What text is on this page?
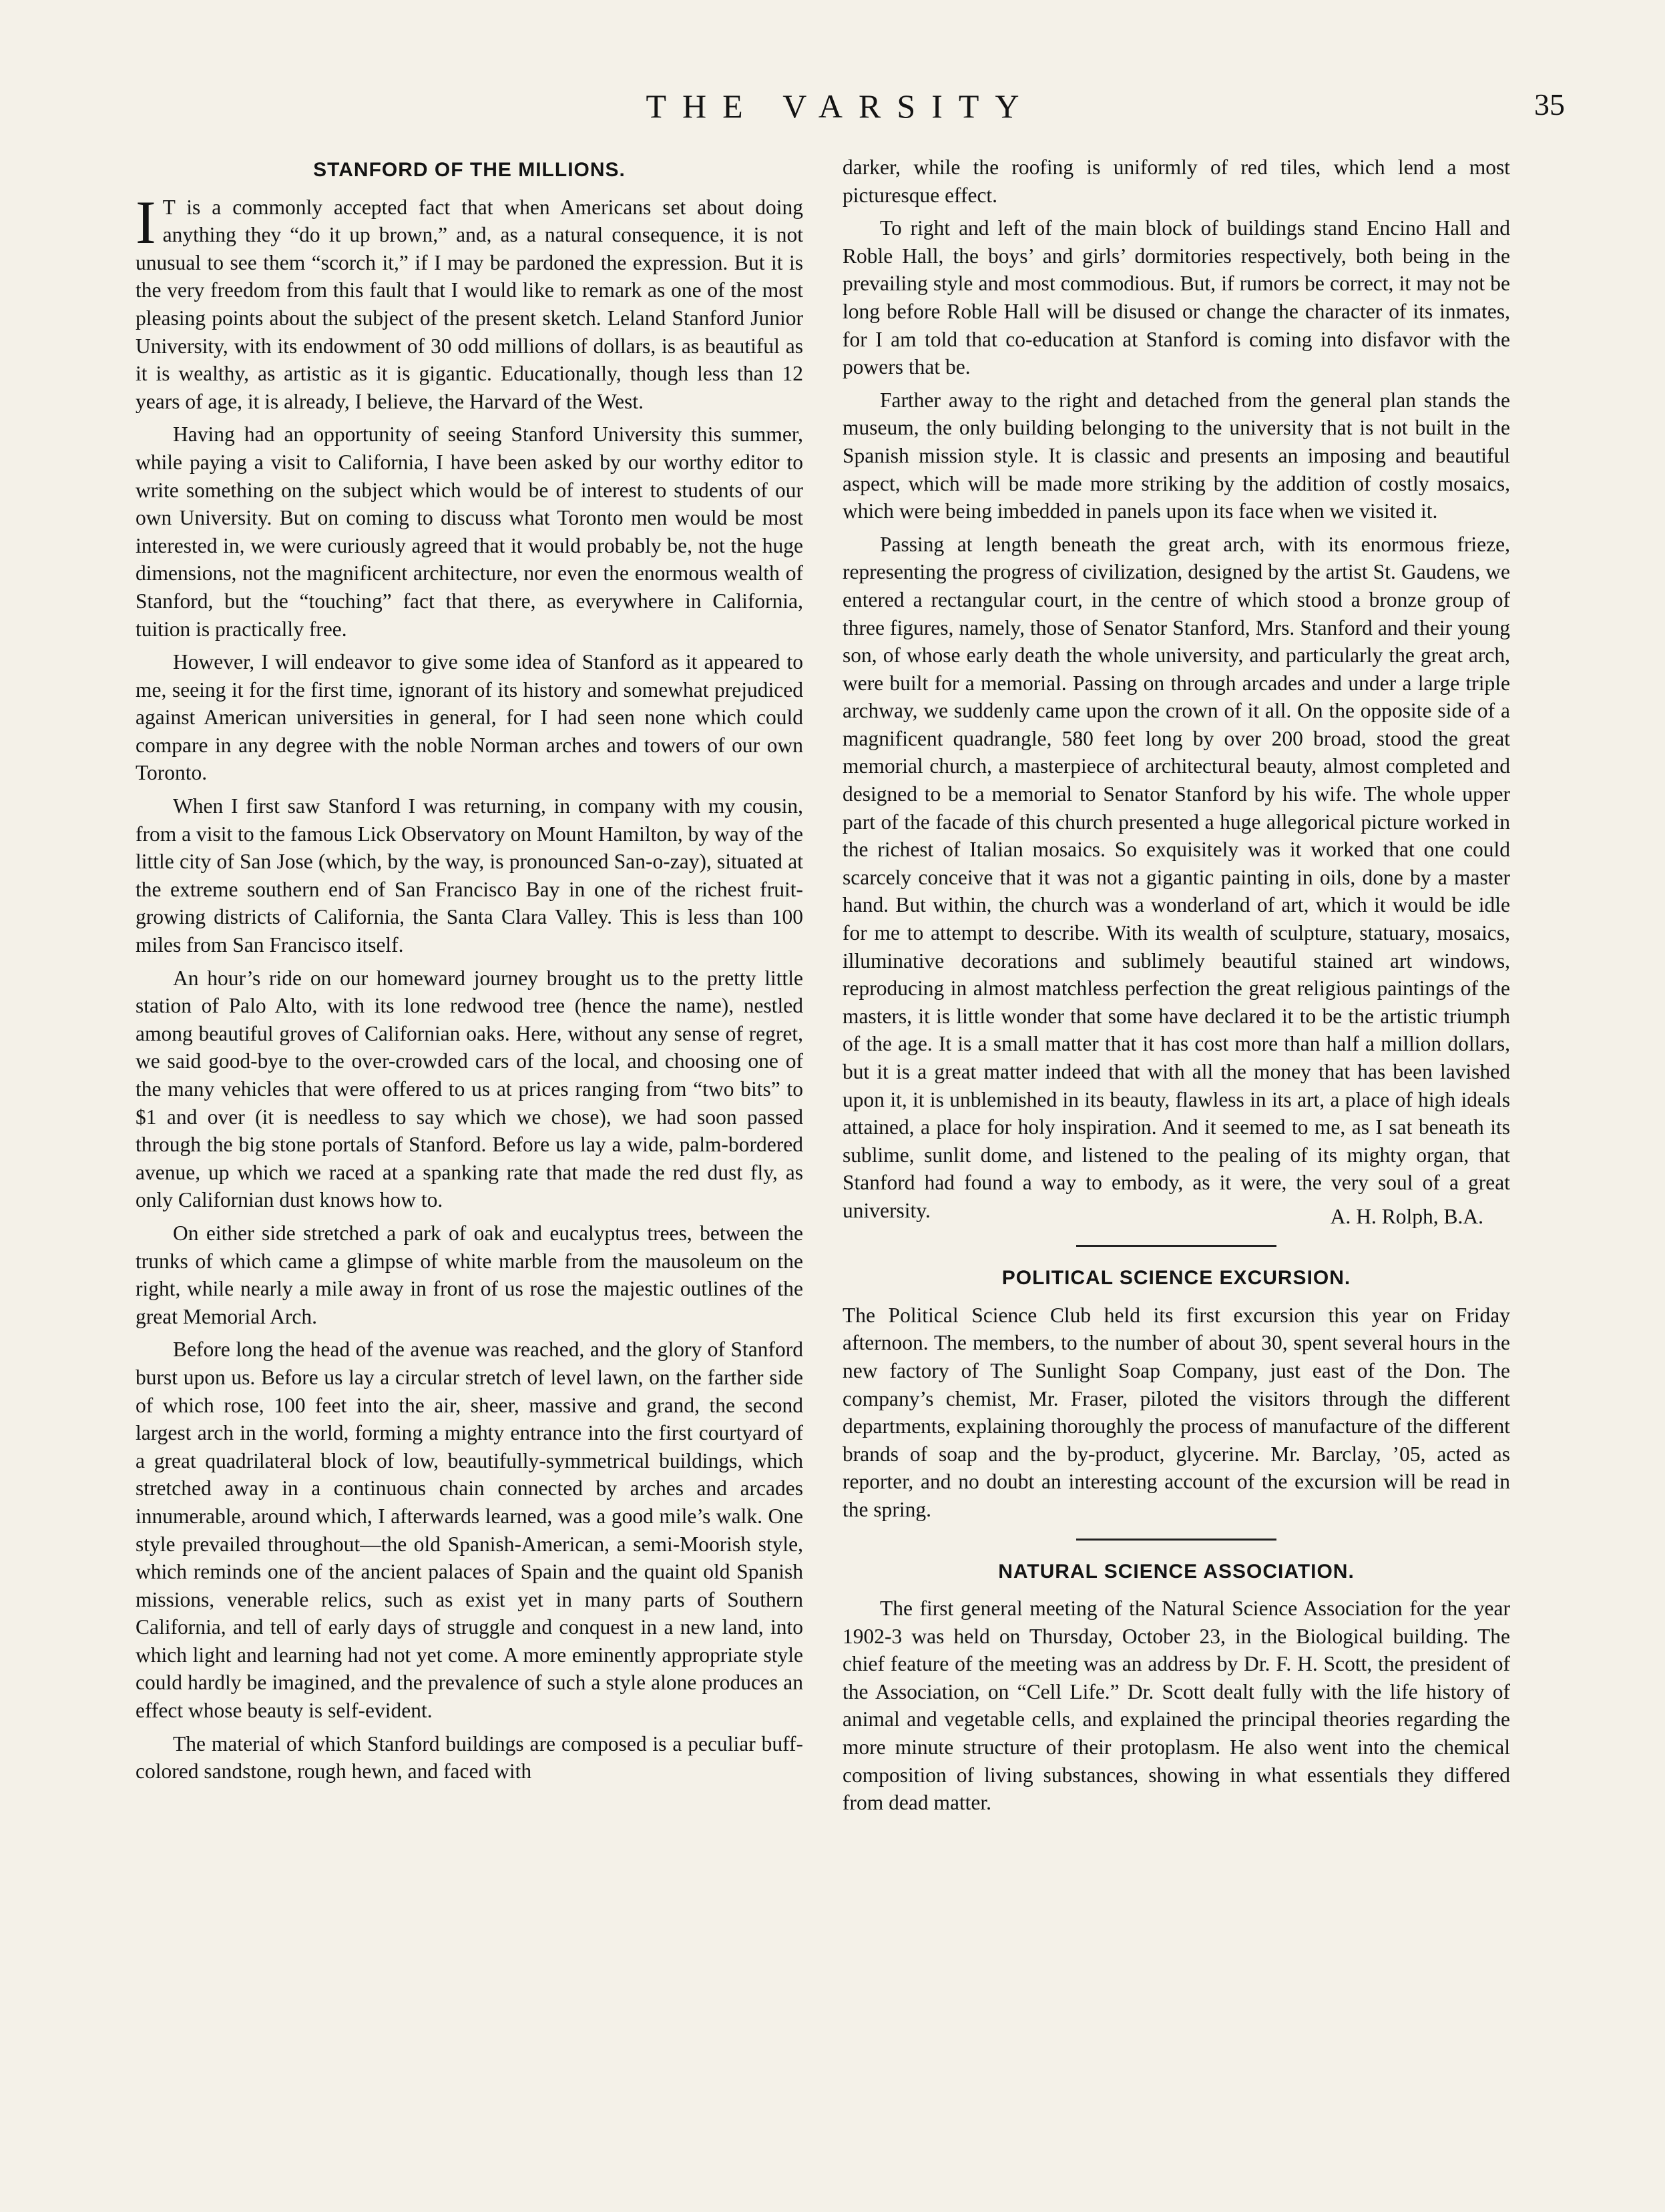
THE VARSITY	35
STANFORD OF THE MILLIONS.

I T is a commonly accepted fact that when Americans set about doing anything they “do it up brown,” and, as a natural consequence, it is not unusual to see them “scorch it,” if I may be pardoned the expression. But it is the very freedom from this fault that I would like to remark as one of the most pleasing points about the subject of the present sketch. Leland Stanford Junior University, with its endowment of 30 odd millions of dollars, is as beautiful as it is wealthy, as artistic as it is gigantic. Educationally, though less than 12 years of age, it is already, I believe, the Harvard of the West.

Having had an opportunity of seeing Stanford University this summer, while paying a visit to California, I have been asked by our worthy editor to write something on the subject which would be of interest to students of our own University. But on coming to discuss what Toronto men would be most interested in, we were curiously agreed that it would probably be, not the huge dimensions, not the magnificent architecture, nor even the enormous wealth of Stanford, but the “touching” fact that there, as everywhere in California, tuition is practically free.

However, I will endeavor to give some idea of Stanford as it appeared to me, seeing it for the first time, ignorant of its history and somewhat prejudiced against American universities in general, for I had seen none which could compare in any degree with the noble Norman arches and towers of our own Toronto.

When I first saw Stanford I was returning, in company with my cousin, from a visit to the famous Lick Observatory on Mount Hamilton, by way of the little city of San Jose (which, by the way, is pronounced San-o-zay), situated at the extreme southern end of San Francisco Bay in one of the richest fruit-growing districts of California, the Santa Clara Valley. This is less than 100 miles from San Francisco itself.

An hour’s ride on our homeward journey brought us to the pretty little station of Palo Alto, with its lone redwood tree (hence the name), nestled among beautiful groves of Californian oaks. Here, without any sense of regret, we said good-bye to the over-crowded cars of the local, and choosing one of the many vehicles that were offered to us at prices ranging from “two bits” to $1 and over (it is needless to say which we chose), we had soon passed through the big stone portals of Stanford. Before us lay a wide, palm-bordered avenue, up which we raced at a spanking rate that made the red dust fly, as only Californian dust knows how to.

On either side stretched a park of oak and eucalyptus trees, between the trunks of which came a glimpse of white marble from the mausoleum on the right, while nearly a mile away in front of us rose the majestic outlines of the great Memorial Arch.

Before long the head of the avenue was reached, and the glory of Stanford burst upon us. Before us lay a circular stretch of level lawn, on the farther side of which rose, 100 feet into the air, sheer, massive and grand, the second largest arch in the world, forming a mighty entrance into the first courtyard of a great quadrilateral block of low, beautifully-symmetrical buildings, which stretched away in a continuous chain connected by arches and arcades innumerable, around which, I afterwards learned, was a good mile’s walk. One style prevailed throughout—the old Spanish-American, a semi-Moorish style, which reminds one of the ancient palaces of Spain and the quaint old Spanish missions, venerable relics, such as exist yet in many parts of Southern California, and tell of early days of struggle and conquest in a new land, into which light and learning had not yet come. A more eminently appropriate style could hardly be imagined, and the prevalence of such a style alone produces an effect whose beauty is self-evident.

The material of which Stanford buildings are composed is a peculiar buff-colored sandstone, rough hewn, and faced with

darker, while the roofing is uniformly of red tiles, which lend a most picturesque effect.

To right and left of the main block of buildings stand Encino Hall and Roble Hall, the boys’ and girls’ dormitories respectively, both being in the prevailing style and most commodious. But, if rumors be correct, it may not be long before Roble Hall will be disused or change the character of its inmates, for I am told that co-education at Stanford is coming into disfavor with the powers that be.

Farther away to the right and detached from the general plan stands the museum, the only building belonging to the university that is not built in the Spanish mission style. It is classic and presents an imposing and beautiful aspect, which will be made more striking by the addition of costly mosaics, which were being imbedded in panels upon its face when we visited it.

Passing at length beneath the great arch, with its enormous frieze, representing the progress of civilization, designed by the artist St. Gaudens, we entered a rectangular court, in the centre of which stood a bronze group of three figures, namely, those of Senator Stanford, Mrs. Stanford and their young son, of whose early death the whole university, and particularly the great arch, were built for a memorial. Passing on through arcades and under a large triple archway, we suddenly came upon the crown of it all. On the opposite side of a magnificent quadrangle, 580 feet long by over 200 broad, stood the great memorial church, a masterpiece of architectural beauty, almost completed and designed to be a memorial to Senator Stanford by his wife. The whole upper part of the facade of this church presented a huge allegorical picture worked in the richest of Italian mosaics. So exquisitely was it worked that one could scarcely conceive that it was not a gigantic painting in oils, done by a master hand. But within, the church was a wonderland of art, which it would be idle for me to attempt to describe. With its wealth of sculpture, statuary, mosaics, illuminative decorations and sublimely beautiful stained art windows, reproducing in almost matchless perfection the great religious paintings of the masters, it is little wonder that some have declared it to be the artistic triumph of the age. It is a small matter that it has cost more than half a million dollars, but it is a great matter indeed that with all the money that has been lavished upon it, it is unblemished in its beauty, flawless in its art, a place of high ideals attained, a place for holy inspiration. And it seemed to me, as I sat beneath its sublime, sunlit dome, and listened to the pealing of its mighty organ, that Stanford had found a way to embody, as it were, the very soul of a great university.	A. H. Rolph, B.A.
POLITICAL SCIENCE EXCURSION.

The Political Science Club held its first excursion this year on Friday afternoon. The members, to the number of about 30, spent several hours in the new factory of The Sunlight Soap Company, just east of the Don. The company’s chemist, Mr. Fraser, piloted the visitors through the different departments, explaining thoroughly the process of manufacture of the different brands of soap and the by-product, glycerine. Mr. Barclay, ’05, acted as reporter, and no doubt an interesting account of the excursion will be read in the spring.

NATURAL SCIENCE ASSOCIATION.

The first general meeting of the Natural Science Association for the year 1902-3 was held on Thursday, October 23, in the Biological building. The chief feature of the meeting was an address by Dr. F. H. Scott, the president of the Association, on “Cell Life.” Dr. Scott dealt fully with the life history of animal and vegetable cells, and explained the principal theories regarding the more minute structure of their protoplasm. He also went into the chemical composition of living substances, showing in what essentials they differed from dead matter.
